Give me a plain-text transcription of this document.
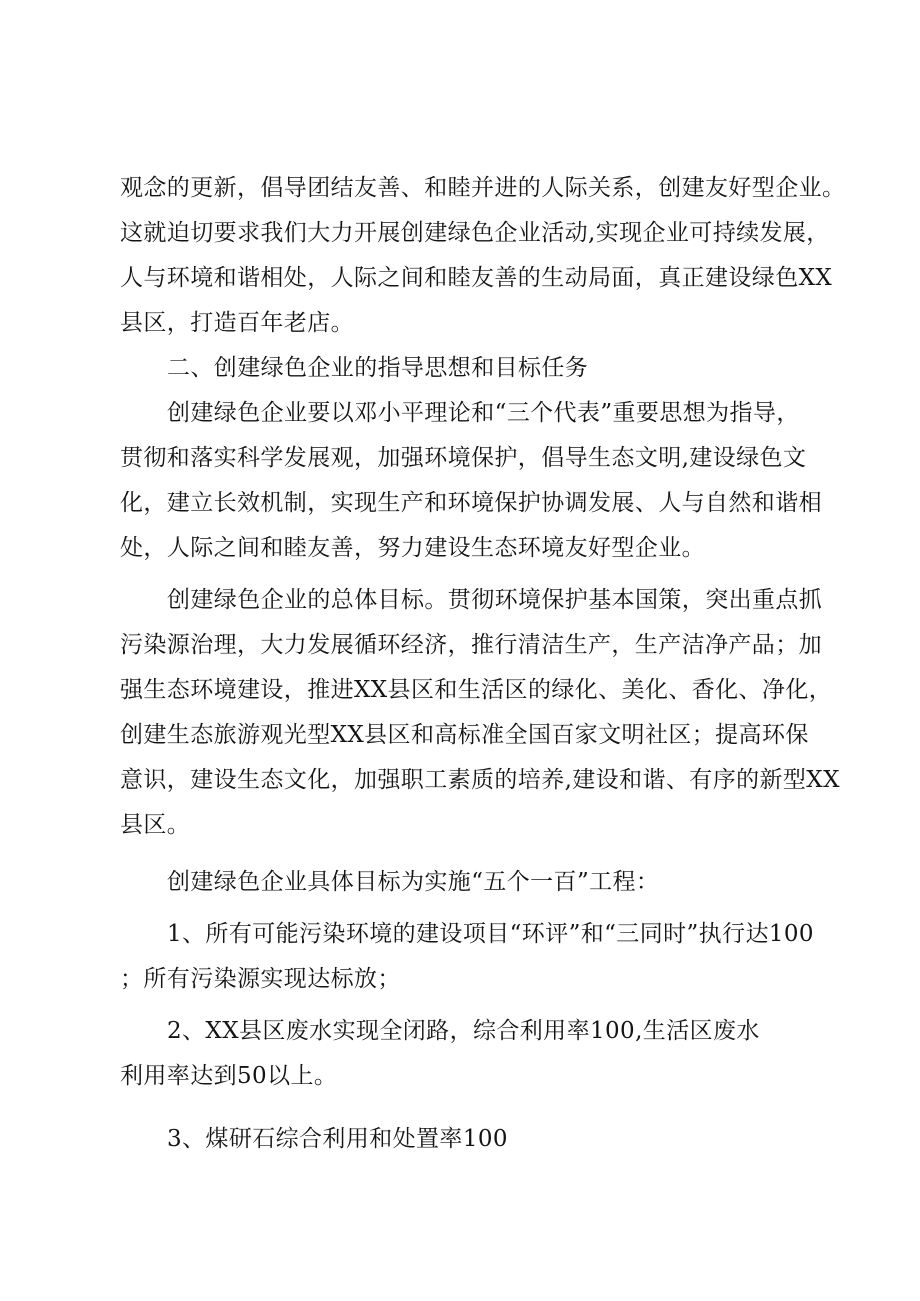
观念的更新，倡导团结友善、和睦并进的人际关系，创建友好型企业。
这就迫切要求我们大力开展创建绿色企业活动,实现企业可持续发展，
人与环境和谐相处，人际之间和睦友善的生动局面，真正建设绿色XX
县区，打造百年老店。

二、创建绿色企业的指导思想和目标任务

创建绿色企业要以邓小平理论和“三个代表”重要思想为指导，
贯彻和落实科学发展观，加强环境保护，倡导生态文明,建设绿色文
化，建立长效机制，实现生产和环境保护协调发展、人与自然和谐相
处，人际之间和睦友善，努力建设生态环境友好型企业。

创建绿色企业的总体目标。贯彻环境保护基本国策，突出重点抓
污染源治理，大力发展循环经济，推行清洁生产，生产洁净产品；加
强生态环境建设，推进XX县区和生活区的绿化、美化、香化、净化，
创建生态旅游观光型XX县区和高标准全国百家文明社区；提高环保
意识，建设生态文化，加强职工素质的培养,建设和谐、有序的新型XX
县区。

创建绿色企业具体目标为实施“五个一百”工程：

1、所有可能污染环境的建设项目“环评”和“三同时”执行达100
；所有污染源实现达标放；

2、XX县区废水实现全闭路，综合利用率100,生活区废水
利用率达到50以上。

3、煤研石综合利用和处置率100
